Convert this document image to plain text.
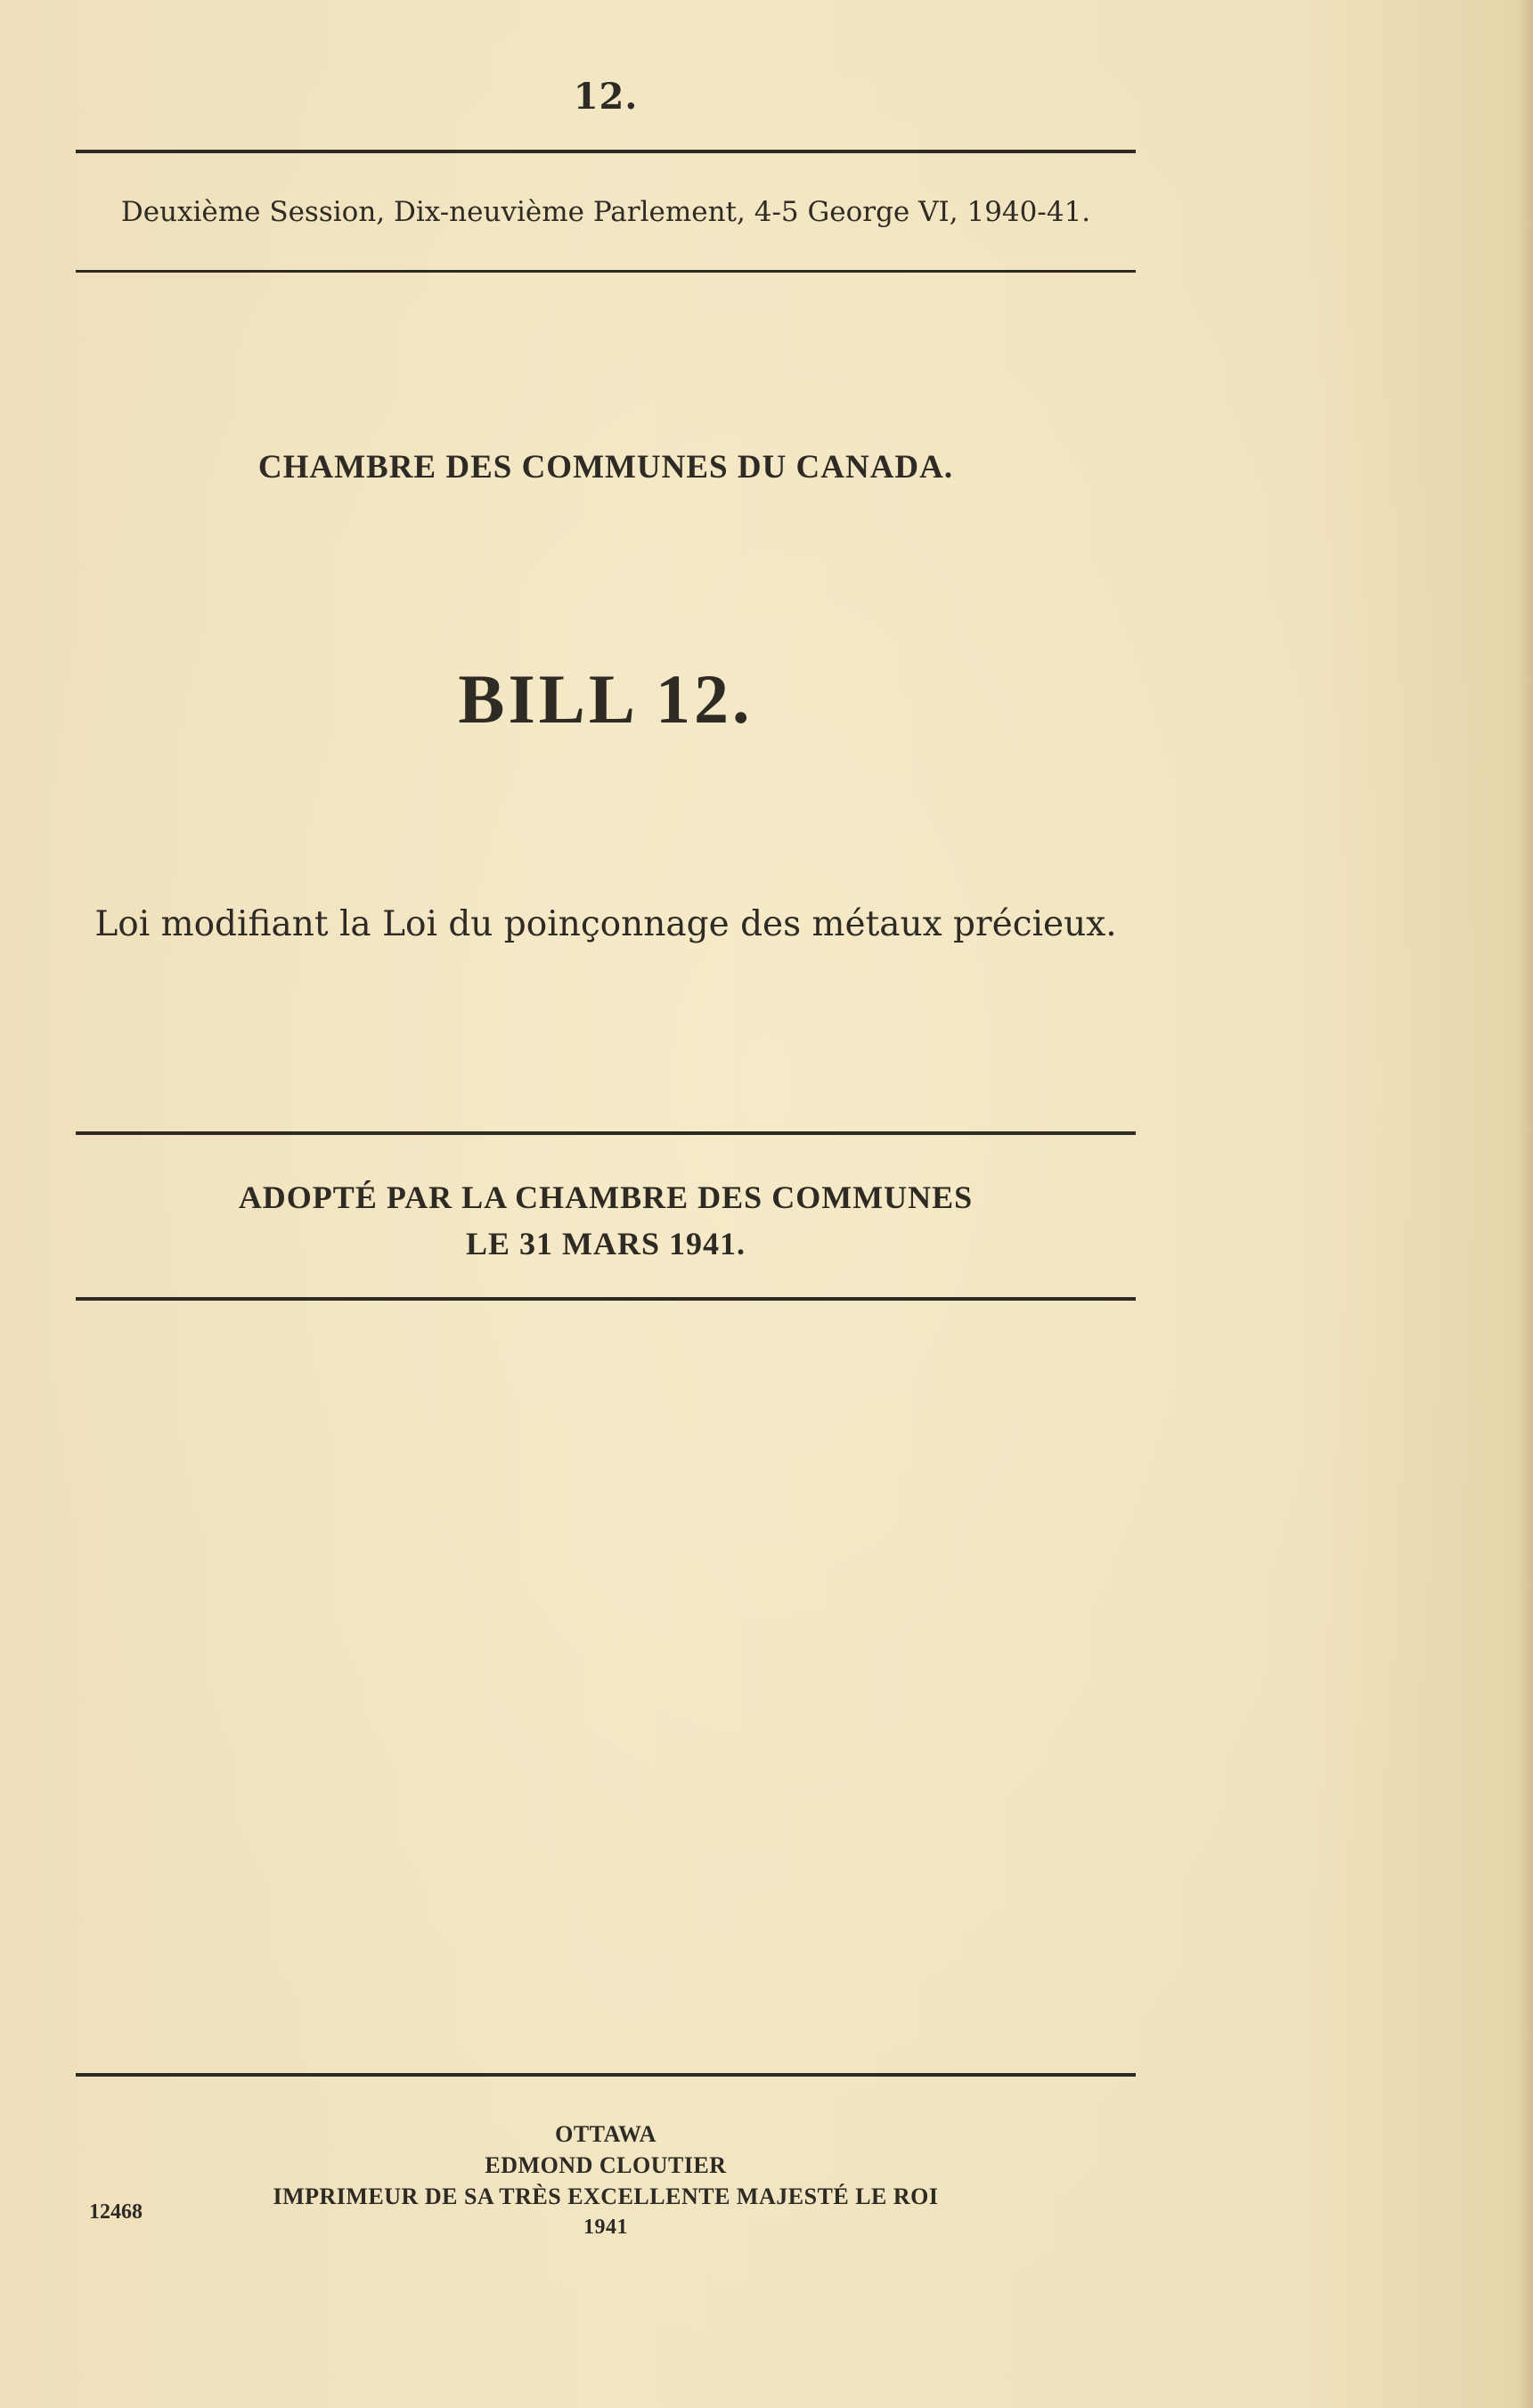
12.
Deuxième Session, Dix-neuvième Parlement, 4-5 George VI, 1940-41.
CHAMBRE DES COMMUNES DU CANADA.
BILL 12.
Loi modifiant la Loi du poinçonnage des métaux précieux.
ADOPTÉ PAR LA CHAMBRE DES COMMUNES
LE 31 MARS 1941.
OTTAWA
EDMOND CLOUTIER
IMPRIMEUR DE SA TRÈS EXCELLENTE MAJESTÉ LE ROI
1941
12468
